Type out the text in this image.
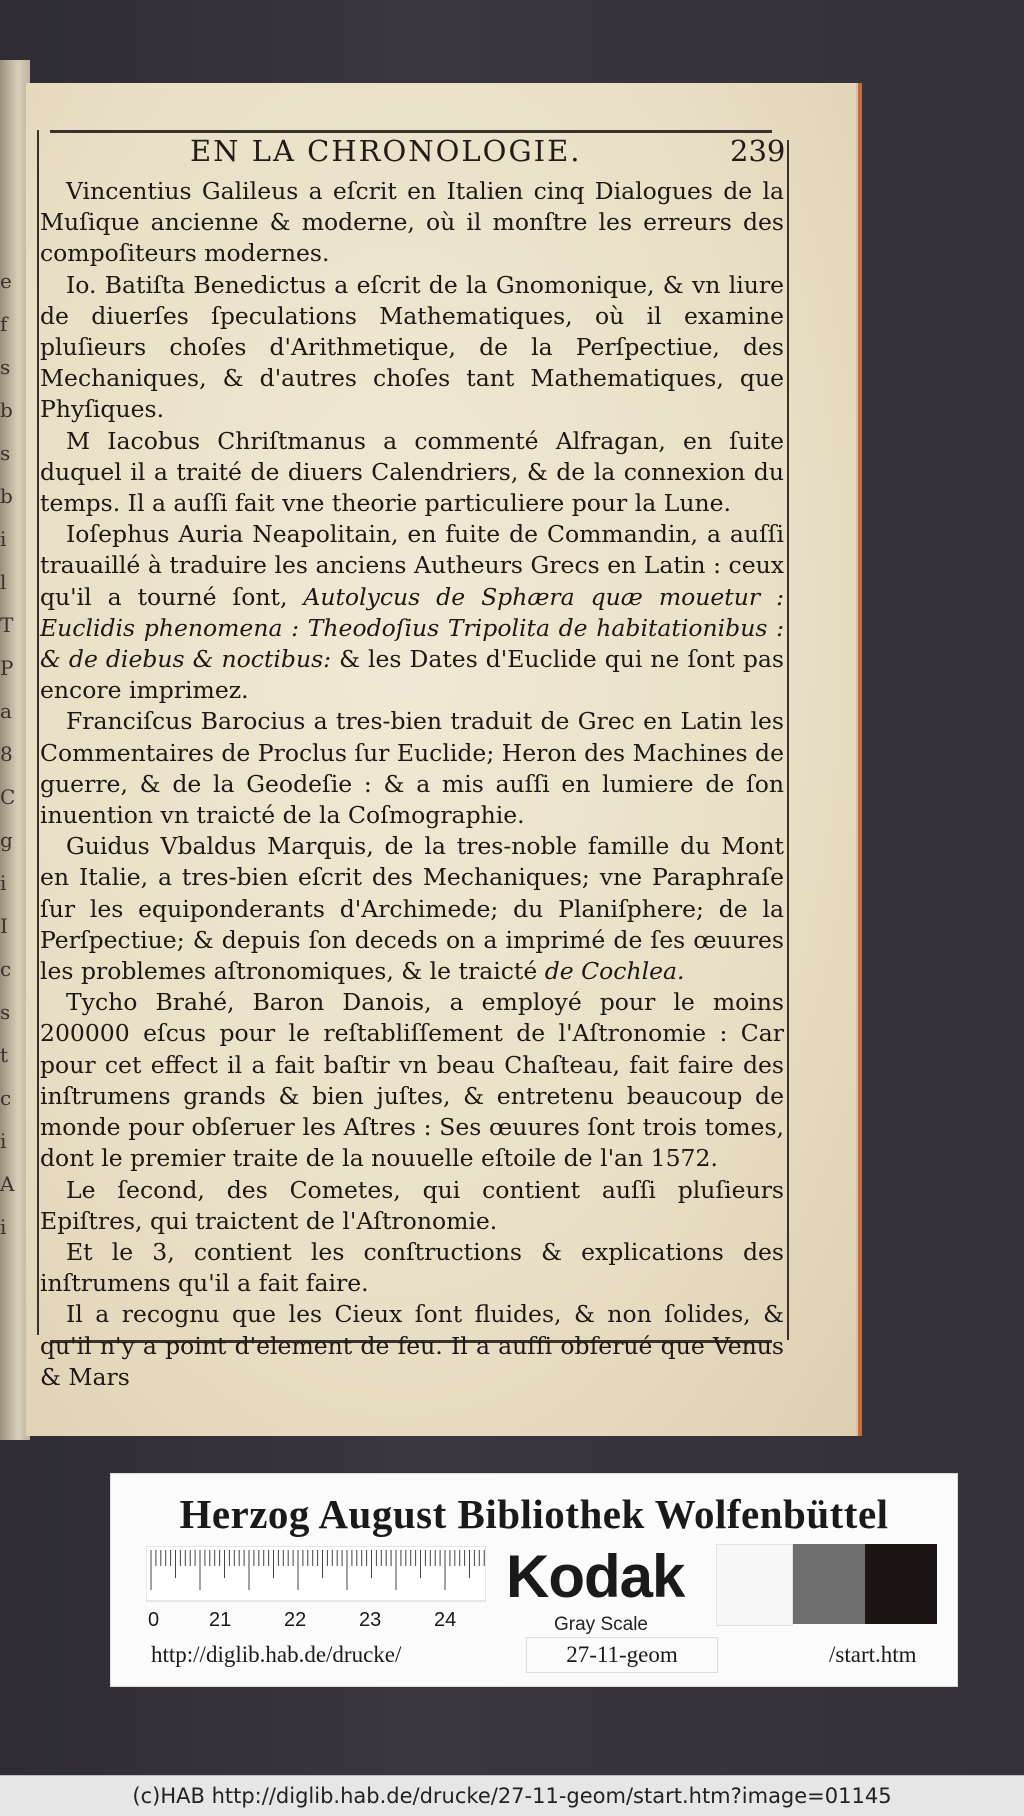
e
f
s
b
s
b
i
l
T
P
a
8
C
g
i
I
c
s
t
c
i
A
i
EN LA CHRONOLOGIE.	239

Vincentius Galileus a eſcrit en Italien cinq Dialogues de la Muſique ancienne & moderne, où il monſtre les erreurs des compoſiteurs modernes.

Io. Batiſta Benedictus a eſcrit de la Gnomonique, & vn liure de diuerſes ſpeculations Mathematiques, où il examine pluſieurs choſes d'Arithmetique, de la Perſpectiue, des Mechaniques, & d'autres choſes tant Mathematiques, que Phyſiques.

M Iacobus Chriſtmanus a commenté Alfragan, en ſuite duquel il a traité de diuers Calendriers, & de la connexion du temps. Il a auſſi fait vne theorie particuliere pour la Lune.

Ioſephus Auria Neapolitain, en fuite de Commandin, a auſſi trauaillé à traduire les anciens Autheurs Grecs en Latin : ceux qu'il a tourné ſont, Autolycus de Sphæra quæ mouetur : Euclidis phenomena : Theodoſius Tripolita de habitationibus : & de diebus & noctibus: & les Dates d'Euclide qui ne ſont pas encore imprimez.

Franciſcus Barocius a tres-bien traduit de Grec en Latin les Commentaires de Proclus ſur Euclide; Heron des Machines de guerre, & de la Geodeſie : & a mis auſſi en lumiere de ſon inuention vn traicté de la Coſmographie.

Guidus Vbaldus Marquis, de la tres-noble famille du Mont en Italie, a tres-bien eſcrit des Mechaniques; vne Paraphraſe ſur les equiponderants d'Archimede; du Planiſphere; de la Perſpectiue; & depuis ſon deceds on a imprimé de ſes œuures les problemes aſtronomiques, & le traicté de Cochlea.

Tycho Brahé, Baron Danois, a employé pour le moins 200000 eſcus pour le reſtabliſſement de l'Aſtronomie : Car pour cet effect il a fait baſtir vn beau Chaſteau, fait faire des inſtrumens grands & bien juſtes, & entretenu beaucoup de monde pour obſeruer les Aſtres : Ses œuures ſont trois tomes, dont le premier traite de la nouuelle eſtoile de l'an 1572.

Le ſecond, des Cometes, qui contient auſſi pluſieurs Epiſtres, qui traictent de l'Aſtronomie.

Et le 3, contient les conſtructions & explications des inſtrumens qu'il a fait faire.

Il a recognu que les Cieux ſont fluides, & non ſolides, & qu'il n'y a point d'element de feu. Il a auſſi obſerué que Venus & Mars

Herzog August Bibliothek Wolfenbüttel
0 21	22	23	24
Kodak
Gray Scale
http://diglib.hab.de/drucke/	27-11-geom	/start.htm
(c)HAB http://diglib.hab.de/drucke/27-11-geom/start.htm?image=01145
